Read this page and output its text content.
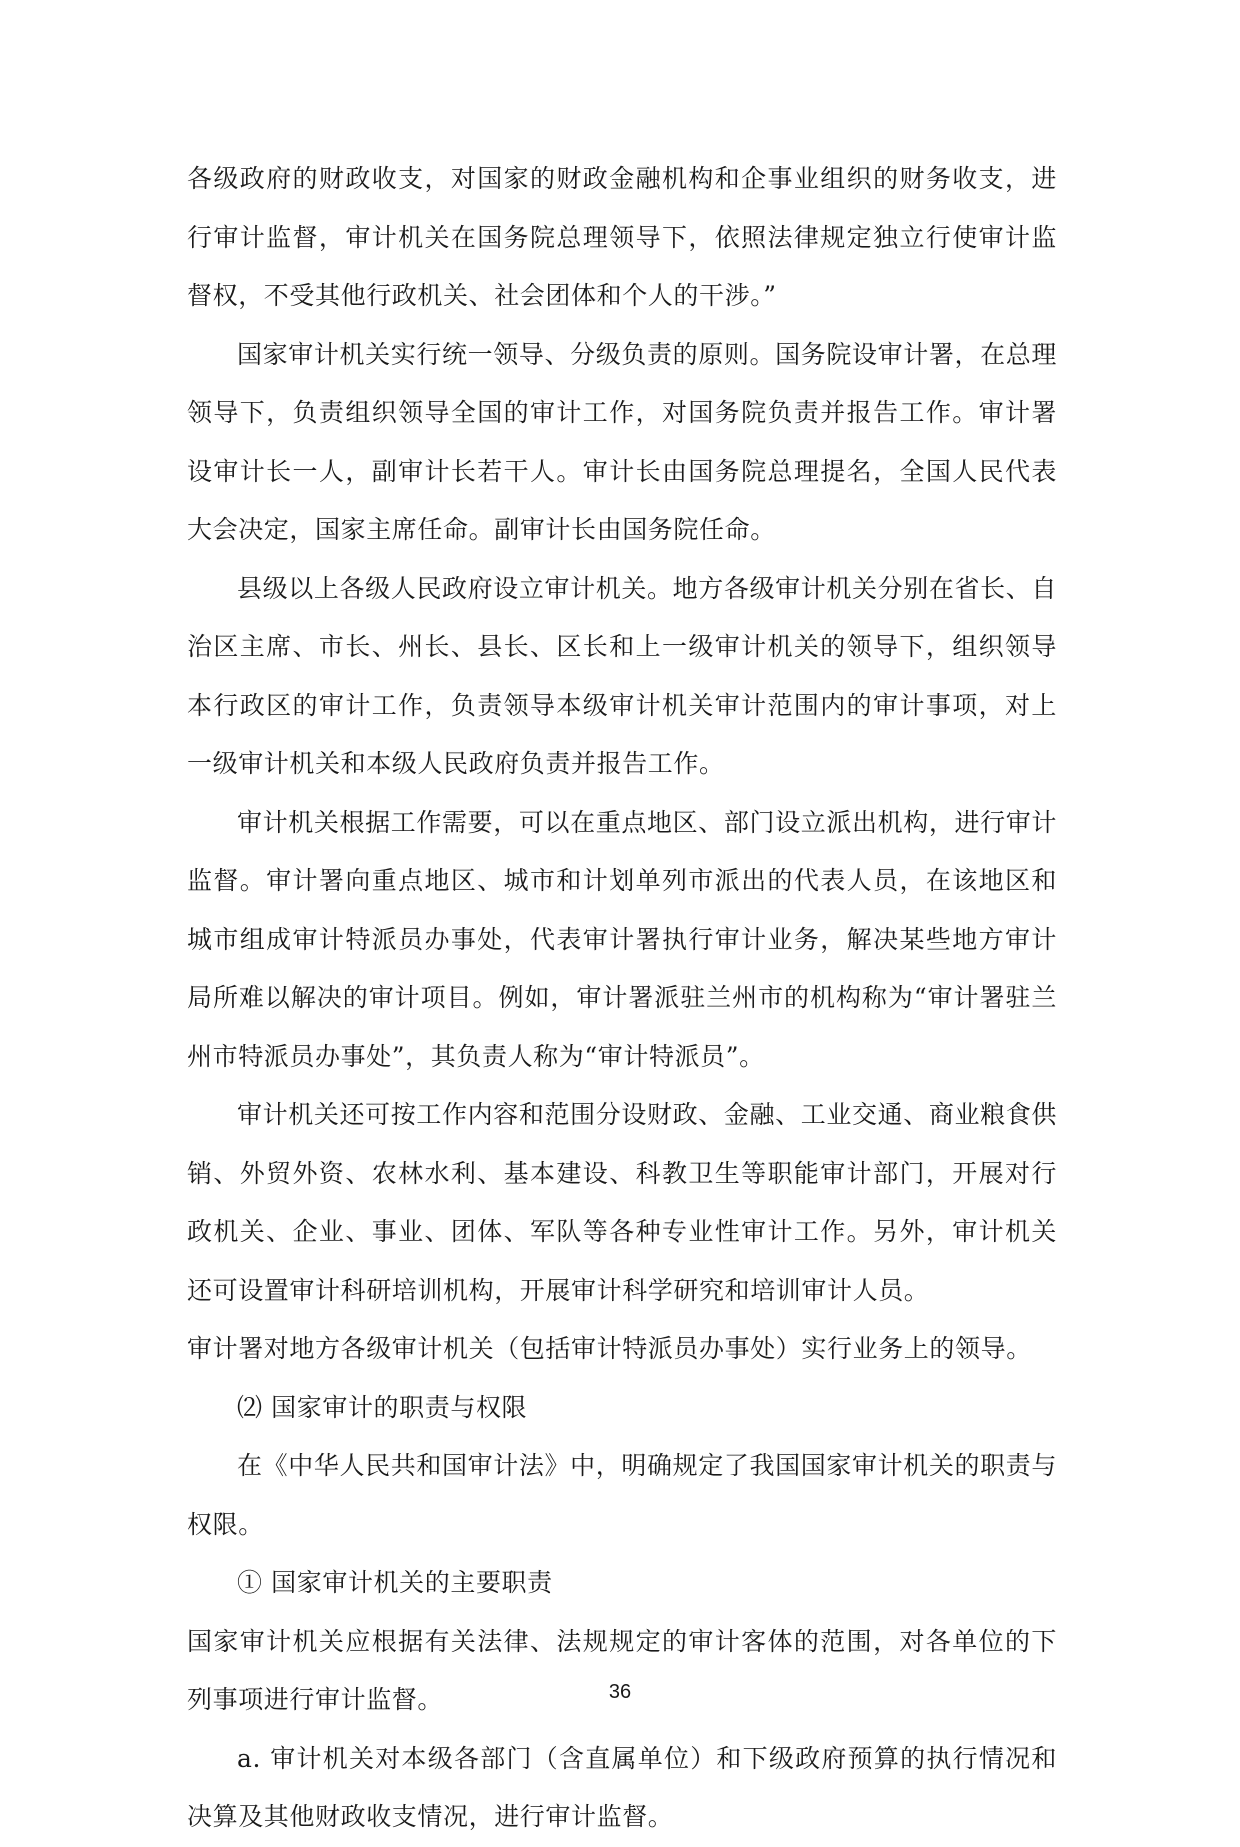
各级政府的财政收支，对国家的财政金融机构和企事业组织的财务收支，进行审计监督，审计机关在国务院总理领导下，依照法律规定独立行使审计监督权，不受其他行政机关、社会团体和个人的干涉。”

国家审计机关实行统一领导、分级负责的原则。国务院设审计署，在总理领导下，负责组织领导全国的审计工作，对国务院负责并报告工作。审计署设审计长一人，副审计长若干人。审计长由国务院总理提名，全国人民代表大会决定，国家主席任命。副审计长由国务院任命。

县级以上各级人民政府设立审计机关。地方各级审计机关分别在省长、自治区主席、市长、州长、县长、区长和上一级审计机关的领导下，组织领导本行政区的审计工作，负责领导本级审计机关审计范围内的审计事项，对上一级审计机关和本级人民政府负责并报告工作。

审计机关根据工作需要，可以在重点地区、部门设立派出机构，进行审计监督。审计署向重点地区、城市和计划单列市派出的代表人员，在该地区和城市组成审计特派员办事处，代表审计署执行审计业务，解决某些地方审计局所难以解决的审计项目。例如，审计署派驻兰州市的机构称为“审计署驻兰州市特派员办事处”，其负责人称为“审计特派员”。

审计机关还可按工作内容和范围分设财政、金融、工业交通、商业粮食供销、外贸外资、农林水利、基本建设、科教卫生等职能审计部门，开展对行政机关、企业、事业、团体、军队等各种专业性审计工作。另外，审计机关还可设置审计科研培训机构，开展审计科学研究和培训审计人员。

审计署对地方各级审计机关（包括审计特派员办事处）实行业务上的领导。

⑵ 国家审计的职责与权限

在《中华人民共和国审计法》中，明确规定了我国国家审计机关的职责与权限。

① 国家审计机关的主要职责

国家审计机关应根据有关法律、法规规定的审计客体的范围，对各单位的下列事项进行审计监督。

a. 审计机关对本级各部门（含直属单位）和下级政府预算的执行情况和决算及其他财政收支情况，进行审计监督。

36
